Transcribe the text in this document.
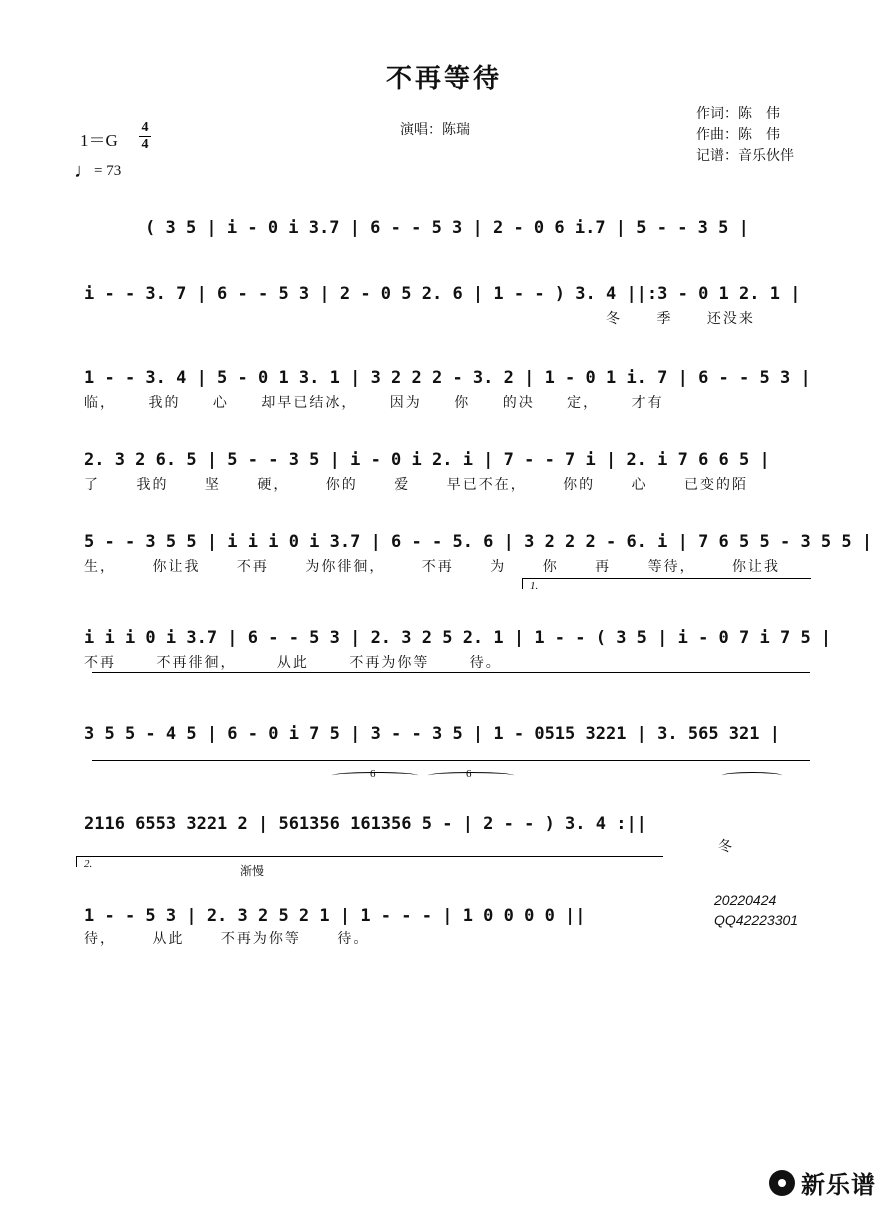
不再等待
1＝G
4
4
♩= 73
演唱：陈瑞
作词：陈　伟
作曲：陈　伟
记谱：音乐伙伴

( 3 5 | i - 0 i 3.7 | 6 - - 5 3 | 2 - 0 6 i.7 | 5 - - 3 5 |

i - - 3. 7 | 6 - - 5 3 | 2 - 0 5 2. 6 | 1 - - ) 3. 4 ||:3 - 0 1 2. 1 |

冬 季 还没来

1 - - 3. 4 | 5 - 0 1 3. 1 | 3 2 2 2 - 3. 2 | 1 - 0 1 i. 7 | 6 - - 5 3 |

临， 我的 心 却早已结冰， 因为 你 的决 定， 才有

2. 3 2 6. 5 | 5 - - 3 5 | i - 0 i 2. i | 7 - - 7 i | 2. i 7 6 6 5 |

了 我的 坚 硬， 你的 爱 早已不在， 你的 心 已变的陌

5 - - 3 5 5 | i i i 0 i 3.7 | 6 - - 5. 6 | 3 2 2 2 - 6. i | 7 6 5 5 - 3 5 5 |

生， 你让我 不再 为你徘徊， 不再 为 你 再 等待， 你让我

1.

i i i 0 i 3.7 | 6 - - 5 3 | 2. 3 2 5 2. 1 | 1 - - ( 3 5 | i - 0 7 i 7 5 |

不再 不再徘徊， 从此 不再为你等 待。

3 5 5 - 4 5 | 6 - 0 i 7 5 | 3 - - 3 5 | 1 - 0515 3221 | 3. 565 321 |

6	6

2116 6553 3221 2 | 561356 161356 5 - | 2 - - ) 3. 4 :||

冬

2.	渐慢

1 - - 5 3 | 2. 3 2 5 2 1 | 1 - - - | 1 0 0 0 0 ||

待， 从此 不再为你等 待。

20220424
QQ42223301
新乐谱
